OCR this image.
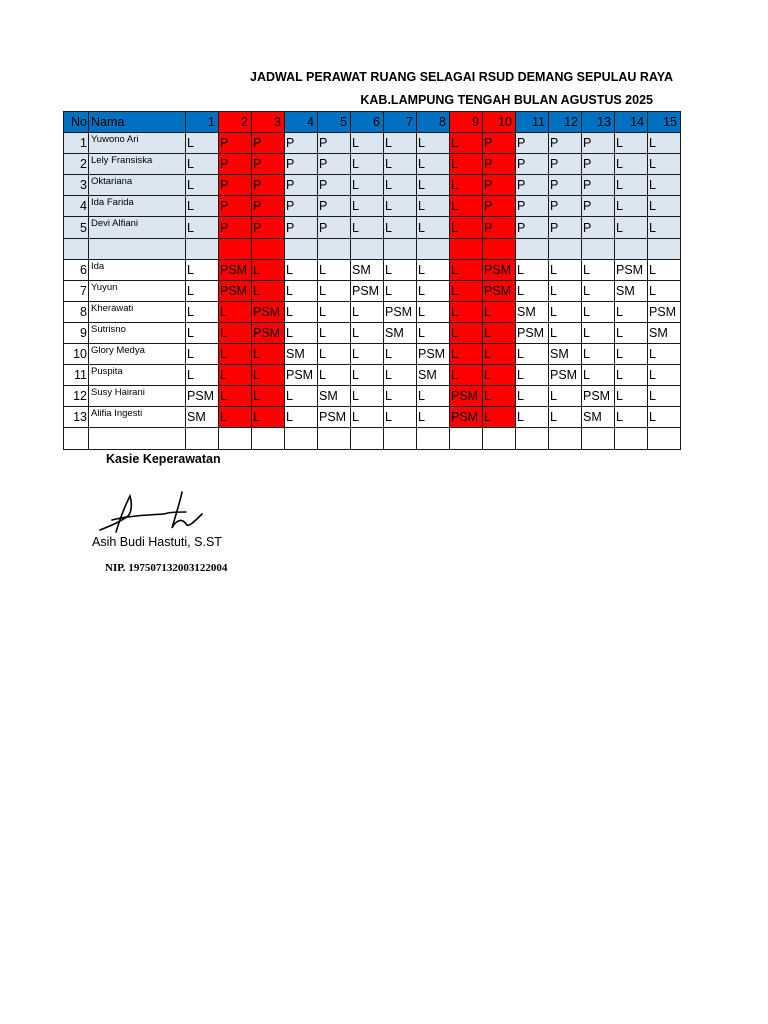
JADWAL PERAWAT RUANG SELAGAI RSUD DEMANG SEPULAU RAYA
KAB.LAMPUNG TENGAH BULAN AGUSTUS 2025
No	Nama	1	2	3	4	5	6	7	8	9	10	11	12	13	14	15
1	Yuwono Ari	L	P	P	P	P	L	L	L	L	P	P	P	P	L	L
2	Lely Fransiska	L	P	P	P	P	L	L	L	L	P	P	P	P	L	L
3	Oktariana	L	P	P	P	P	L	L	L	L	P	P	P	P	L	L
4	Ida Farida	L	P	P	P	P	L	L	L	L	P	P	P	P	L	L
5	Devi Alfiani	L	P	P	P	P	L	L	L	L	P	P	P	P	L	L

6	Ida	L	PSM	L	L	L	SM	L	L	L	PSM	L	L	L	PSM	L
7	Yuyun	L	PSM	L	L	L	PSM	L	L	L	PSM	L	L	L	SM	L
8	Kherawati	L	L	PSM	L	L	L	PSM	L	L	L	SM	L	L	L	PSM
9	Sutrisno	L	L	PSM	L	L	L	SM	L	L	L	PSM	L	L	L	SM
10	Glory Medya	L	L	L	SM	L	L	L	PSM	L	L	L	SM	L	L	L
11	Puspita	L	L	L	PSM	L	L	L	SM	L	L	L	PSM	L	L	L
12	Susy Hairani	PSM	L	L	L	SM	L	L	L	PSM	L	L	L	PSM	L	L
13	Alifia Ingesti	SM	L	L	L	PSM	L	L	L	PSM	L	L	L	SM	L	L

Kasie Keperawatan
Asih Budi Hastuti, S.ST
NIP. 197507132003122004
